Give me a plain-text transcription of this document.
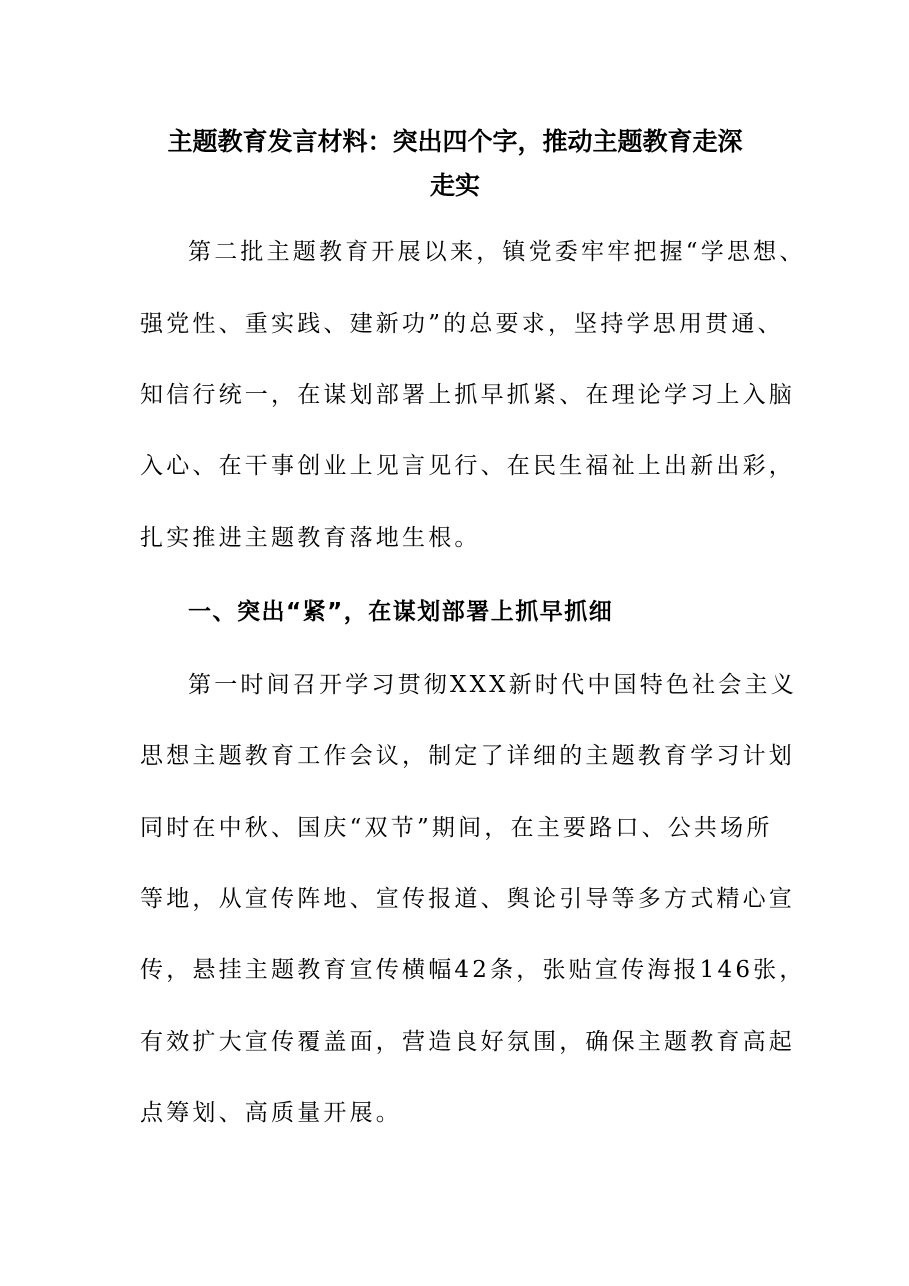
主题教育发言材料：突出四个字，推动主题教育走深
走实

第二批主题教育开展以来，镇党委牢牢把握“学思想、

强党性、重实践、建新功”的总要求，坚持学思用贯通、

知信行统一，在谋划部署上抓早抓紧、在理论学习上入脑

入心、在干事创业上见言见行、在民生福祉上出新出彩，

扎实推进主题教育落地生根。

一、突出“紧”，在谋划部署上抓早抓细

第一时间召开学习贯彻XXX新时代中国特色社会主义

思想主题教育工作会议，制定了详细的主题教育学习计划

同时在中秋、国庆“双节”期间，在主要路口、公共场所

等地，从宣传阵地、宣传报道、舆论引导等多方式精心宣

传，悬挂主题教育宣传横幅42条，张贴宣传海报146张，

有效扩大宣传覆盖面，营造良好氛围，确保主题教育高起

点筹划、高质量开展。
